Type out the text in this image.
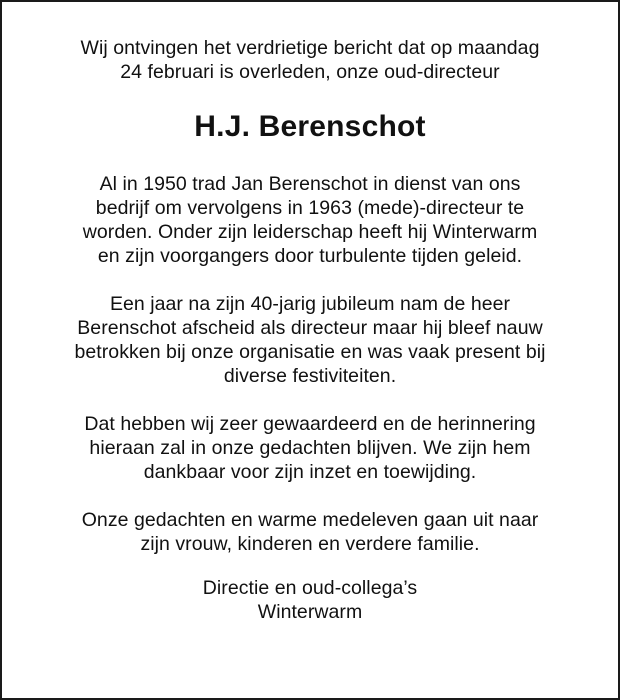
Wij ontvingen het verdrietige bericht dat op maandag
24 februari is overleden, onze oud-directeur
H.J. Berenschot
Al in 1950 trad Jan Berenschot in dienst van ons
bedrijf om vervolgens in 1963 (mede)-directeur te
worden. Onder zijn leiderschap heeft hij Winterwarm
en zijn voorgangers door turbulente tijden geleid.
Een jaar na zijn 40-jarig jubileum nam de heer
Berenschot afscheid als directeur maar hij bleef nauw
betrokken bij onze organisatie en was vaak present bij
diverse festiviteiten.
Dat hebben wij zeer gewaardeerd en de herinnering
hieraan zal in onze gedachten blijven. We zijn hem
dankbaar voor zijn inzet en toewijding.
Onze gedachten en warme medeleven gaan uit naar
zijn vrouw, kinderen en verdere familie.
Directie en oud-collega’s
Winterwarm
